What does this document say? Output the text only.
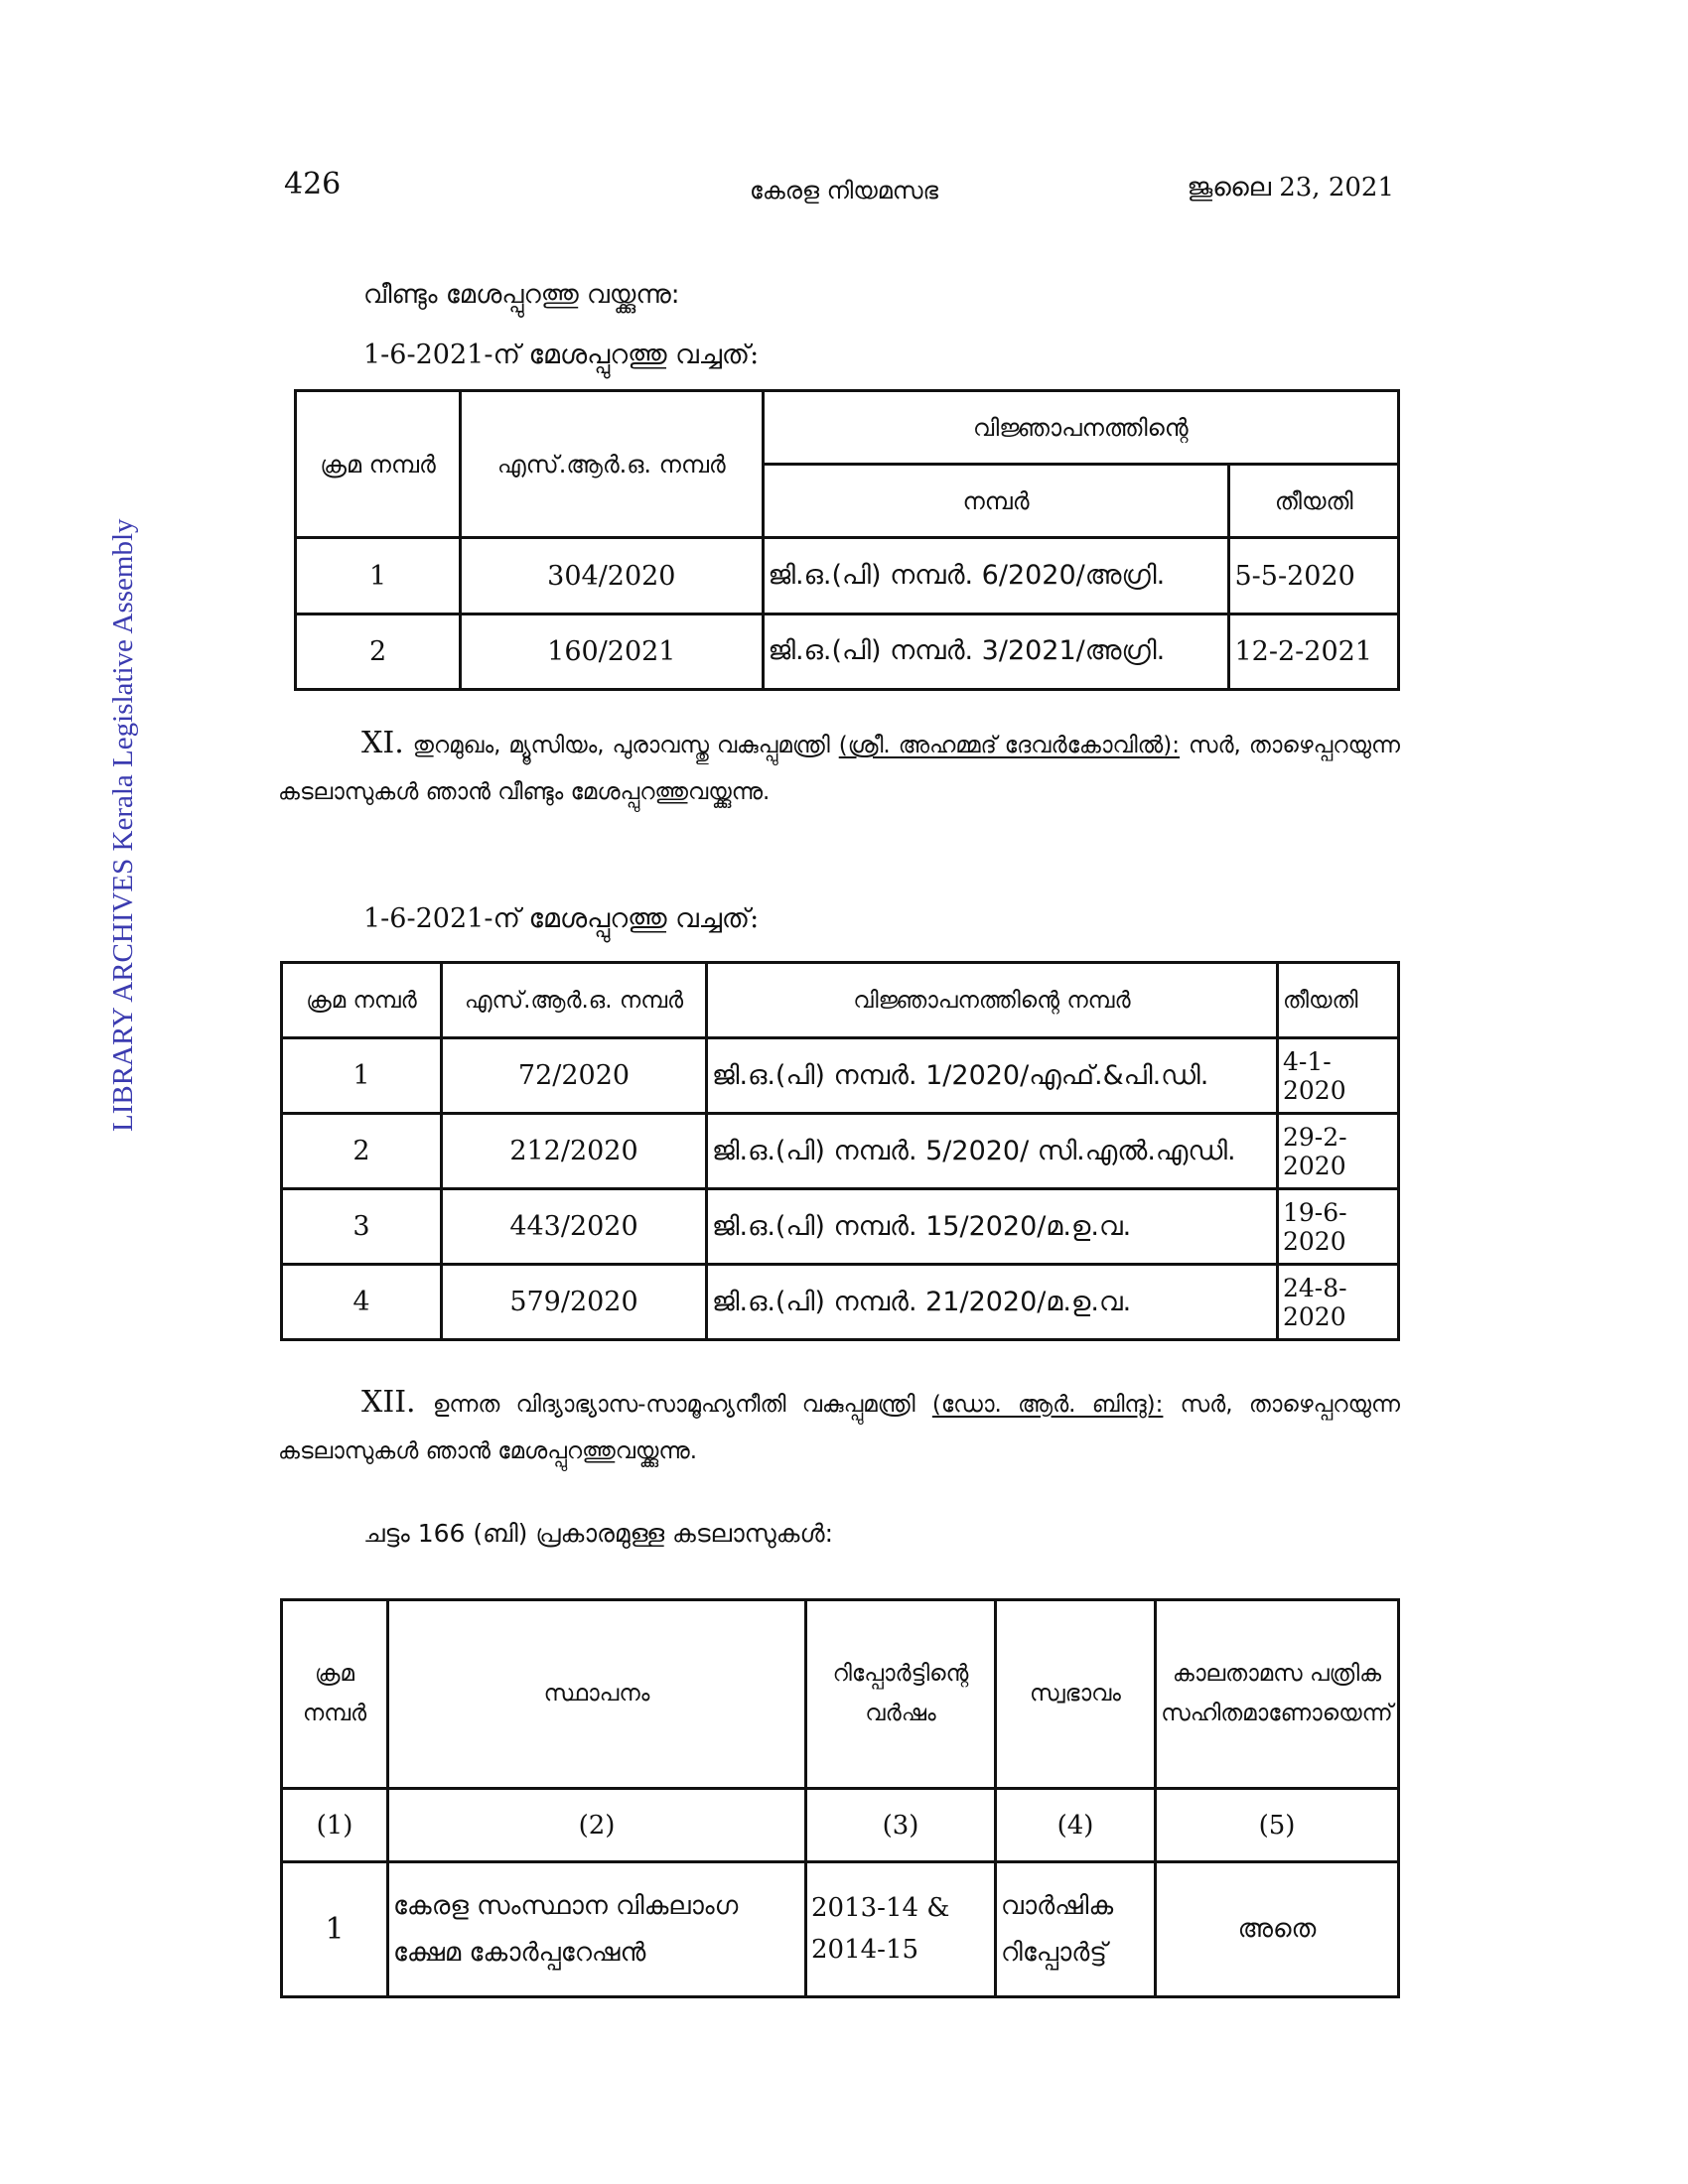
426	കേരള നിയമസഭ	ജൂലൈ 23, 2021
LIBRARY ARCHIVES Kerala Legislative Assembly
വീണ്ടും മേശപ്പുറത്തു വയ്ക്കുന്നു:
1-6-2021-ന് മേശപ്പുറത്തു വച്ചത്:
ക്രമ നമ്പർ	എസ്.ആർ.ഒ. നമ്പർ	വിജ്ഞാപനത്തിന്റെ	
		നമ്പർ	തീയതി
1	304/2020	ജി.ഒ.(പി) നമ്പർ. 6/2020/അഗ്രി.	5-5-2020
2	160/2021	ജി.ഒ.(പി) നമ്പർ. 3/2021/അഗ്രി.	12-2-2021
XI. തുറമുഖം, മ്യൂസിയം, പുരാവസ്തു വകുപ്പുമന്ത്രി (ശ്രീ. അഹമ്മദ് ദേവർകോവിൽ): സർ, താഴെപ്പറയുന്ന കടലാസുകൾ ഞാൻ വീണ്ടും മേശപ്പുറത്തുവയ്ക്കുന്നു.
1-6-2021-ന് മേശപ്പുറത്തു വച്ചത്:
ക്രമ നമ്പർ	എസ്.ആർ.ഒ. നമ്പർ	വിജ്ഞാപനത്തിന്റെ നമ്പർ	തീയതി
1	72/2020	ജി.ഒ.(പി) നമ്പർ. 1/2020/എഫ്.&പി.ഡി.	4-1-2020
2	212/2020	ജി.ഒ.(പി) നമ്പർ. 5/2020/ സി.എൽ.എഡി.	29-2-2020
3	443/2020	ജി.ഒ.(പി) നമ്പർ. 15/2020/മ.ഉ.വ.	19-6-2020
4	579/2020	ജി.ഒ.(പി) നമ്പർ. 21/2020/മ.ഉ.വ.	24-8-2020
XII. ഉന്നത വിദ്യാഭ്യാസ-സാമൂഹ്യനീതി വകുപ്പുമന്ത്രി (ഡോ. ആർ. ബിന്ദു): സർ, താഴെപ്പറയുന്ന കടലാസുകൾ ഞാൻ മേശപ്പുറത്തുവയ്ക്കുന്നു.
ചട്ടം 166 (ബി) പ്രകാരമുള്ള കടലാസുകൾ:
ക്രമ നമ്പർ	സ്ഥാപനം	റിപ്പോർട്ടിന്റെ വർഷം	സ്വഭാവം	കാലതാമസ പത്രിക സഹിതമാണോയെന്ന്
(1)	(2)	(3)	(4)	(5)
1	കേരള സംസ്ഥാന വികലാംഗ ക്ഷേമ കോർപ്പറേഷൻ	2013-14 & 2014-15	വാർഷിക റിപ്പോർട്ട്	അതെ
